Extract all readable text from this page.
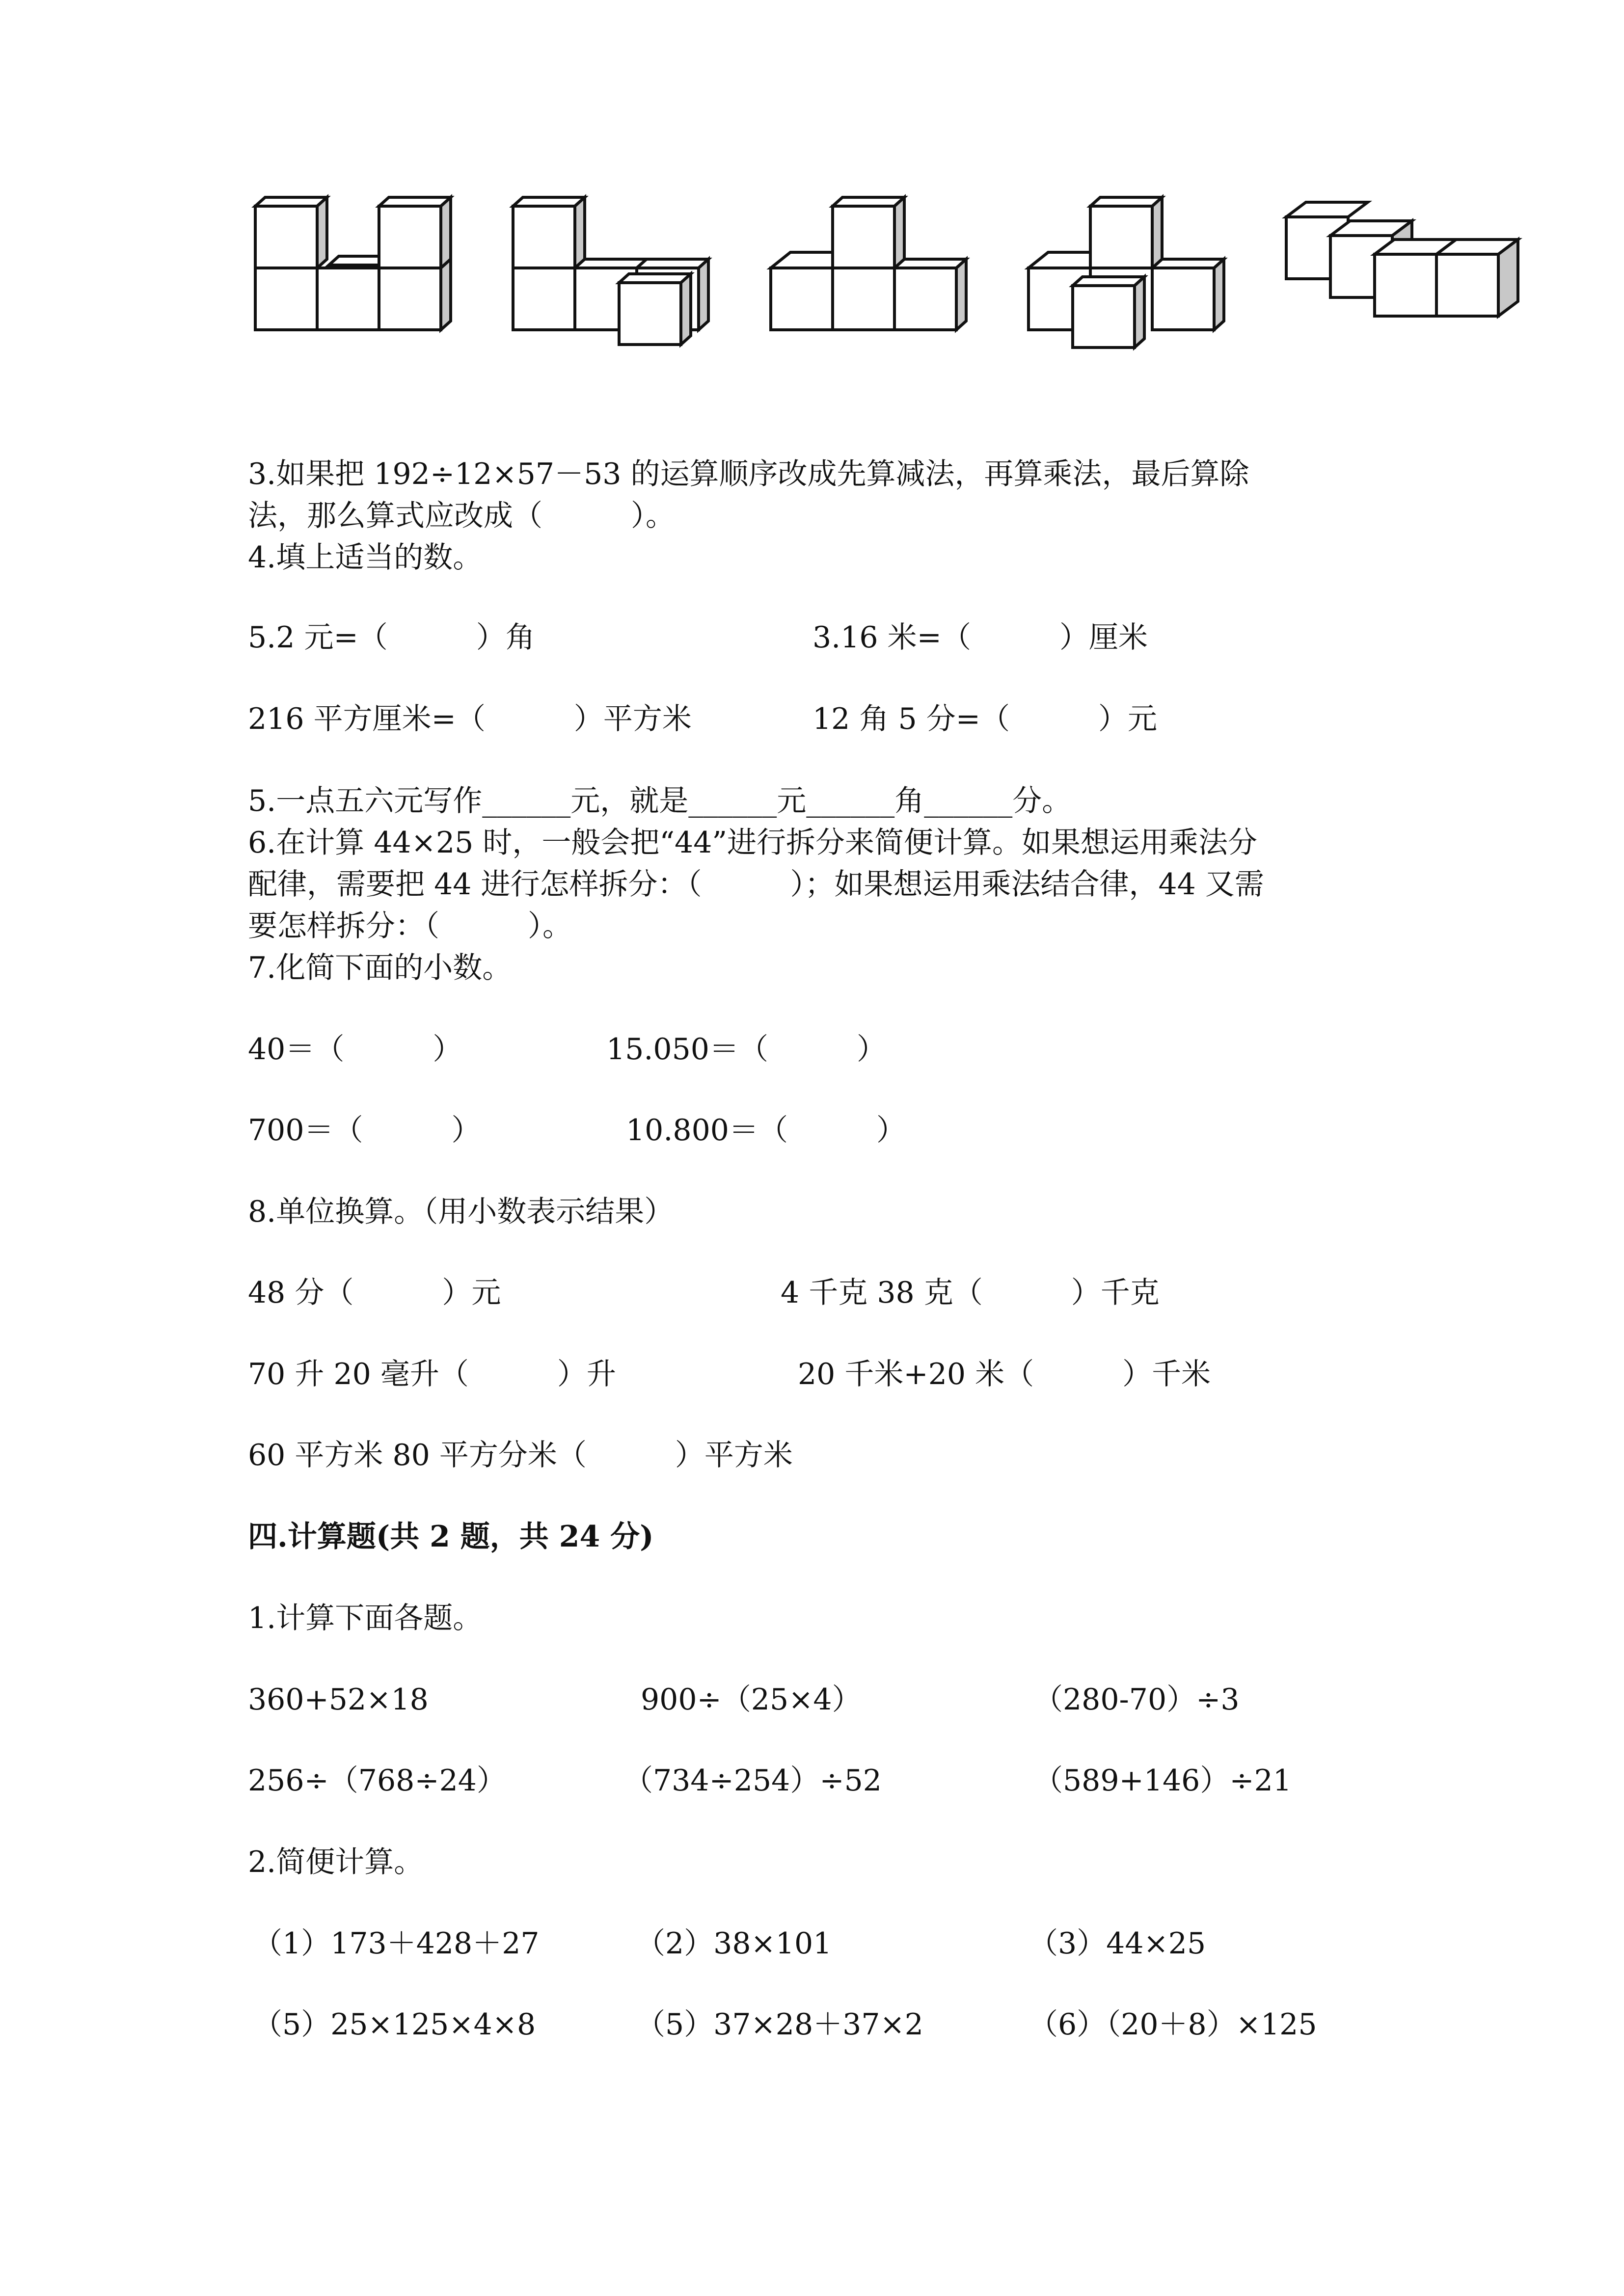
3.如果把 192÷12×57－53 的运算顺序改成先算减法，再算乘法，最后算除
法，那么算式应改成（　　　）。
4.填上适当的数。
5.2 元=（　　　）角	3.16 米=（　　　）厘米
216 平方厘米=（　　　）平方米	12 角 5 分=（　　　）元
5.一点五六元写作______元，就是______元______角______分。
6.在计算 44×25 时，一般会把“44”进行拆分来简便计算。如果想运用乘法分
配律，需要把 44 进行怎样拆分：（　　　）；如果想运用乘法结合律，44 又需
要怎样拆分：（　　　）。
7.化简下面的小数。
40＝（　　　）	15.050＝（　　　）
700＝（　　　）	10.800＝（　　　）
8.单位换算。（用小数表示结果）
48 分（　　　）元	4 千克 38 克（　　　）千克
70 升 20 毫升（　　　）升	20 千米+20 米（　　　）千米
60 平方米 80 平方分米（　　　）平方米
四.计算题(共 2 题，共 24 分)
1.计算下面各题。
360+52×18	900÷（25×4）	（280-70）÷3
256÷（768÷24）	（734÷254）÷52	（589+146）÷21
2.简便计算。
（1）173＋428＋27	（2）38×101	（3）44×25
（5）25×125×4×8	（5）37×28＋37×2	（6）（20＋8）×125
